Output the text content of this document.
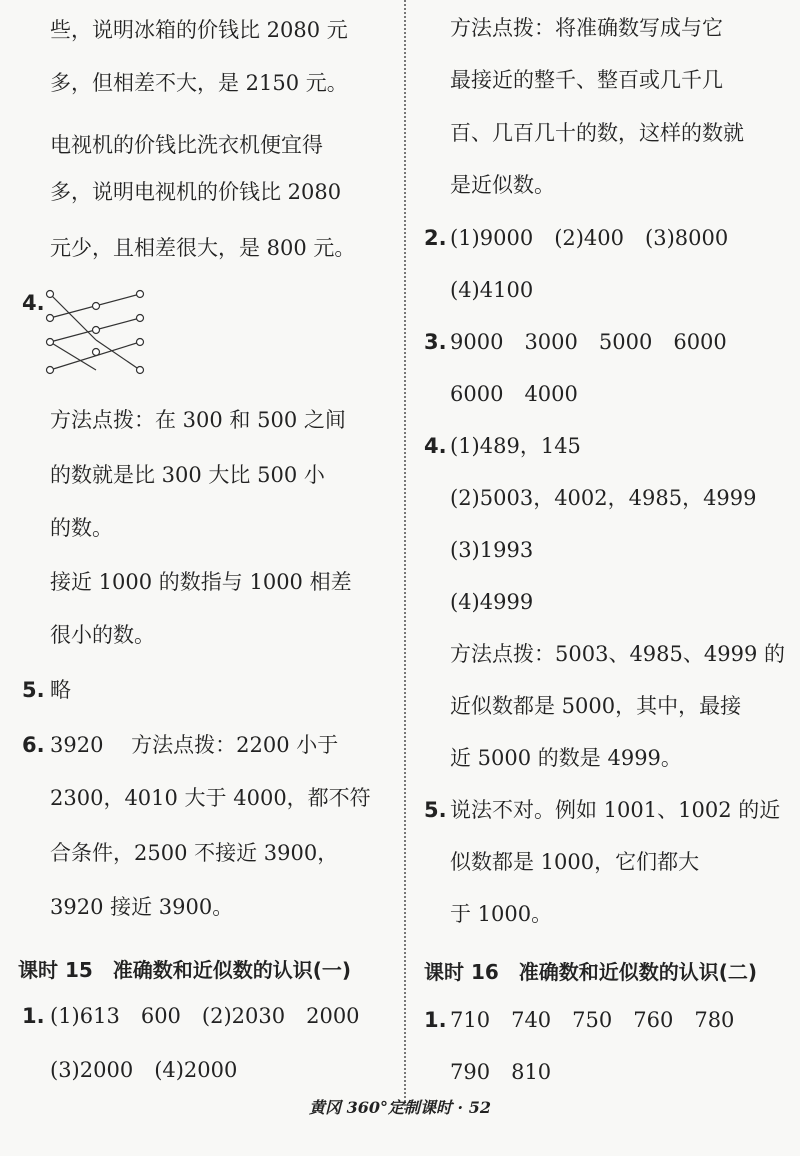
些，说明冰箱的价钱比 2080 元
多，但相差不大，是 2150 元。
电视机的价钱比洗衣机便宜得
多，说明电视机的价钱比 2080
元少，且相差很大，是 800 元。
4.
方法点拨：在 300 和 500 之间
的数就是比 300 大比 500 小
的数。
接近 1000 的数指与 1000 相差
很小的数。
5. 略
6. 3920　 方法点拨：2200 小于
2300，4010 大于 4000，都不符
合条件，2500 不接近 3900，
3920 接近 3900。
课时 15　准确数和近似数的认识(一)
1. (1)613　600　(2)2030　2000
(3)2000　(4)2000
方法点拨：将准确数写成与它
最接近的整千、整百或几千几
百、几百几十的数，这样的数就
是近似数。
2. (1)9000　(2)400　(3)8000
(4)4100
3. 9000　3000　5000　6000
6000　4000
4. (1)489，145
(2)5003，4002，4985，4999
(3)1993
(4)4999
方法点拨：5003、4985、4999 的
近似数都是 5000，其中，最接
近 5000 的数是 4999。
5. 说法不对。例如 1001、1002 的近
似数都是 1000，它们都大
于 1000。
课时 16　准确数和近似数的认识(二)
1. 710　740　750　760　780
790　810
黄冈 360°定制课时 · 52
